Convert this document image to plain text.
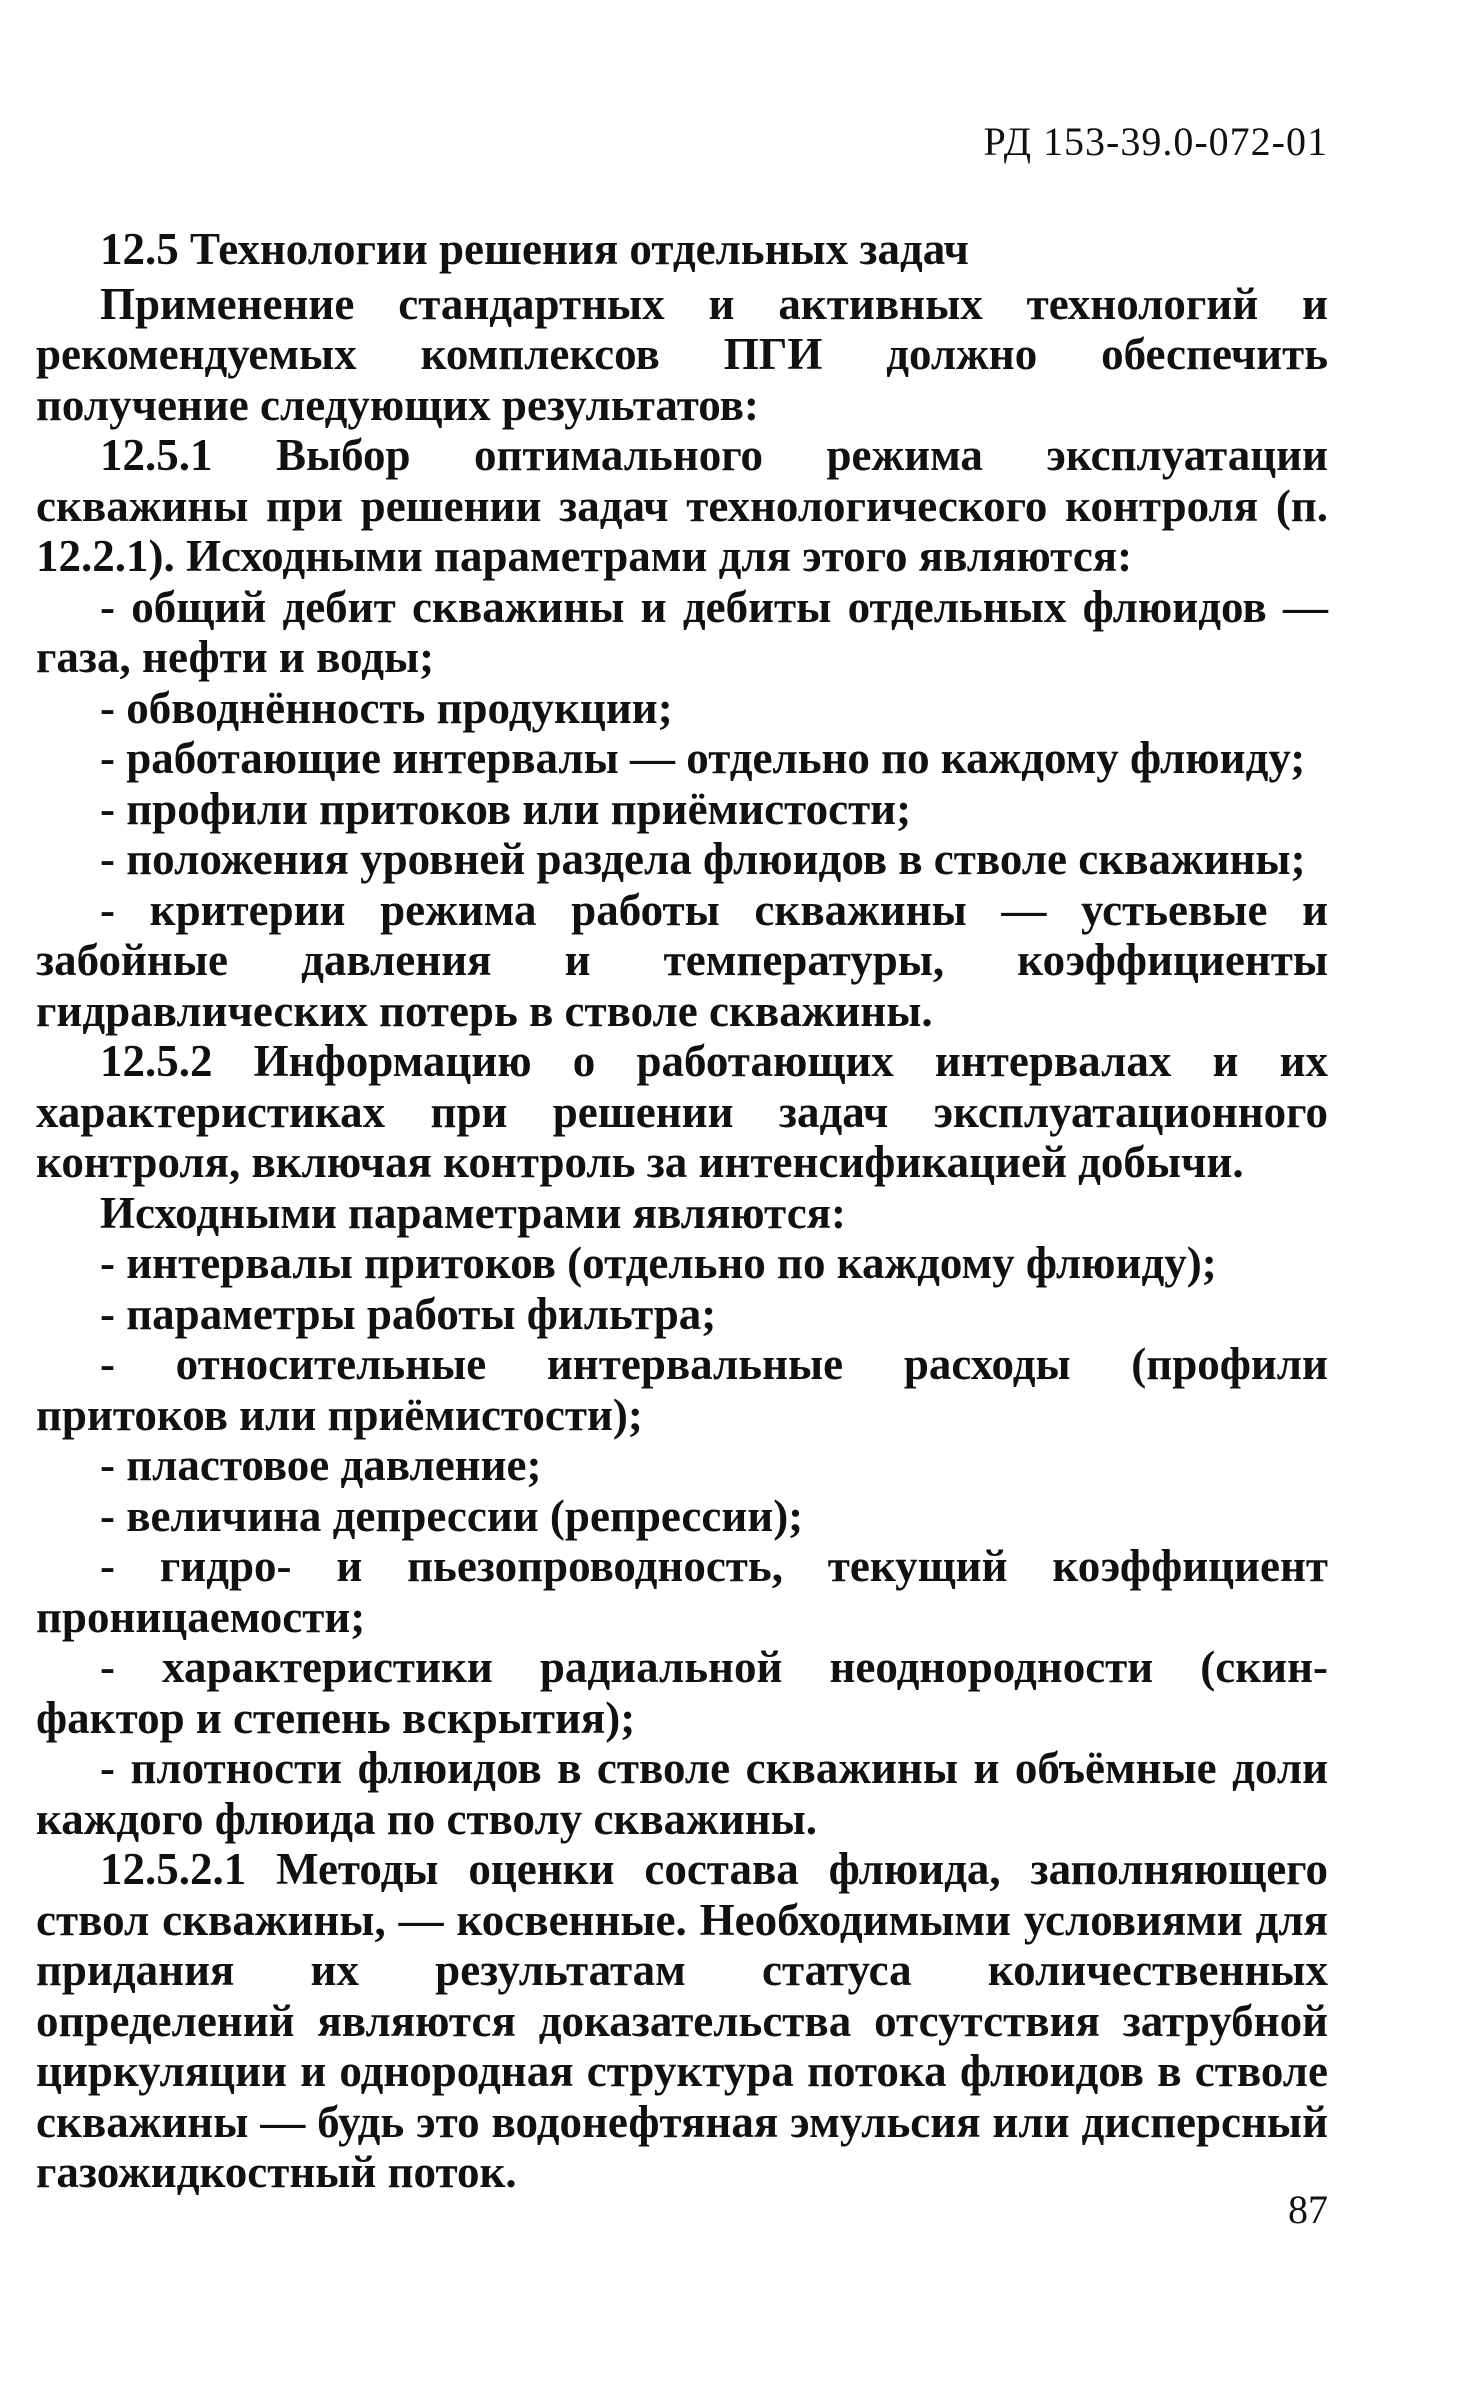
РД 153-39.0-072-01
12.5 Технологии решения отдельных задач

Применение стандартных и активных технологий и рекомендуемых комплексов ПГИ должно обеспечить получение следующих результатов:

12.5.1 Выбор оптимального режима эксплуатации скважины при решении задач технологического контроля (п. 12.2.1). Исходными параметрами для этого являются:

- общий дебит скважины и дебиты отдельных флюидов — газа, нефти и воды;

- обводнённость продукции;

- работающие интервалы — отдельно по каждому флюиду;

- профили притоков или приёмистости;

- положения уровней раздела флюидов в стволе скважины;

- критерии режима работы скважины — устьевые и забойные давления и температуры, коэффициенты гидравлических потерь в стволе скважины.

12.5.2 Информацию о работающих интервалах и их характеристиках при решении задач эксплуатационного контроля, включая контроль за интенсификацией добычи.

Исходными параметрами являются:

- интервалы притоков (отдельно по каждому флюиду);

- параметры работы фильтра;

- относительные интервальные расходы (профили притоков или приёмистости);

- пластовое давление;

- величина депрессии (репрессии);

- гидро- и пьезопроводность, текущий коэффициент проницаемости;

- характеристики радиальной неоднородности (скин-фактор и степень вскрытия);

- плотности флюидов в стволе скважины и объёмные доли каждого флюида по стволу скважины.

12.5.2.1 Методы оценки состава флюида, заполняющего ствол скважины, — косвенные. Необходимыми условиями для придания их результатам статуса количественных определений являются доказательства отсутствия затрубной циркуляции и однородная структура потока флюидов в стволе скважины — будь это водонефтяная эмульсия или дисперсный газожидкостный поток.

87
